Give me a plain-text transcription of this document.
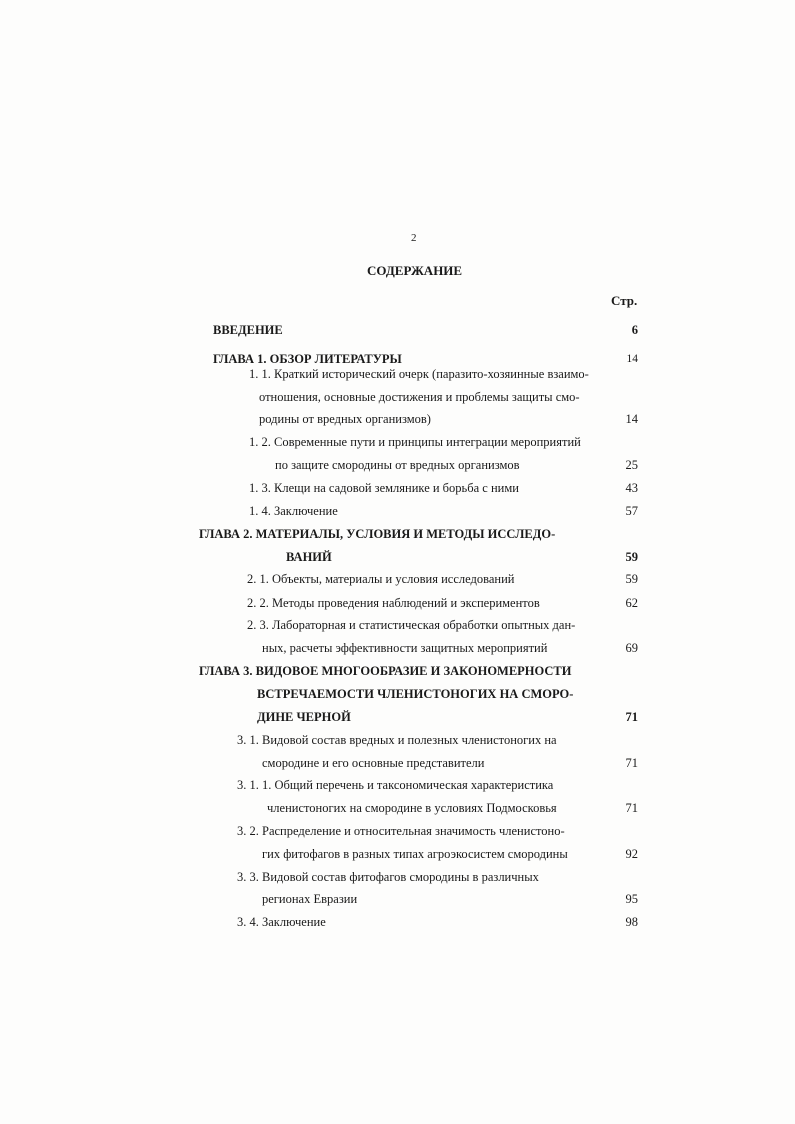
2
СОДЕРЖАНИЕ
Стр.
ВВЕДЕНИЕ	6
ГЛАВА 1. ОБЗОР ЛИТЕРАТУРЫ	14
1. 1. Краткий исторический очерк (паразито-хозяинные взаимо-
отношения, основные достижения и проблемы защиты смо-
родины от вредных организмов)	14
1. 2. Современные пути и принципы интеграции мероприятий
по защите смородины от вредных организмов	25
1. 3. Клещи на садовой землянике и борьба с ними	43
1. 4. Заключение	57
ГЛАВА 2. МАТЕРИАЛЫ, УСЛОВИЯ И МЕТОДЫ ИССЛЕДО-
ВАНИЙ	59
2. 1. Объекты, материалы и условия исследований	59
2. 2. Методы проведения наблюдений и экспериментов	62
2. 3. Лабораторная и статистическая обработки опытных дан-
ных, расчеты эффективности защитных мероприятий	69
ГЛАВА 3. ВИДОВОЕ МНОГООБРАЗИЕ И ЗАКОНОМЕРНОСТИ
ВСТРЕЧАЕМОСТИ ЧЛЕНИСТОНОГИХ НА СМОРО-
ДИНЕ ЧЕРНОЙ	71
3. 1. Видовой состав вредных и полезных членистоногих на
смородине и его основные представители	71
3. 1. 1. Общий перечень и таксономическая характеристика
членистоногих на смородине в условиях Подмосковья	71
3. 2. Распределение и относительная значимость членистоно-
гих фитофагов в разных типах агроэкосистем смородины	92
3. 3. Видовой состав фитофагов смородины в различных
регионах Евразии	95
3. 4. Заключение	98
